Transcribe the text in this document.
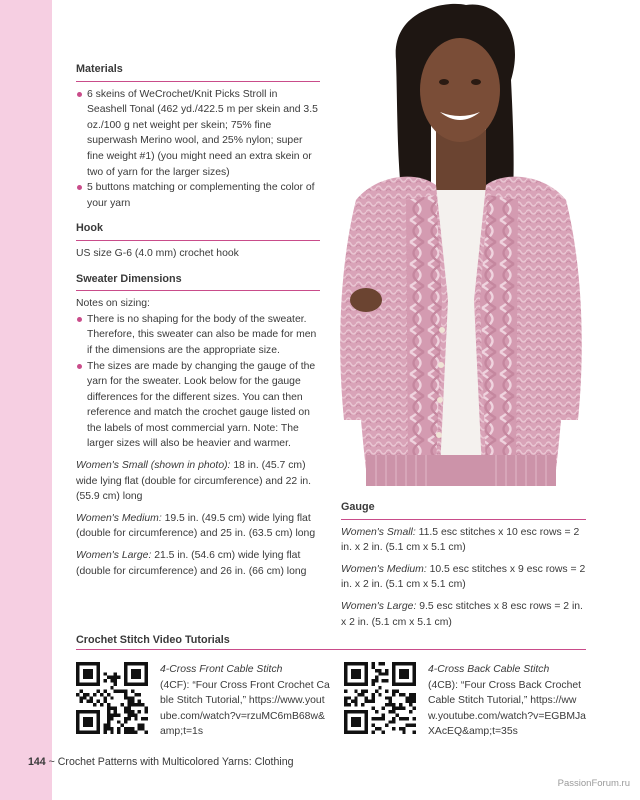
Materials
6 skeins of WeCrochet/Knit Picks Stroll in Seashell Tonal (462 yd./422.5 m per skein and 3.5 oz./100 g net weight per skein; 75% fine superwash Merino wool, and 25% nylon; super fine weight #1) (you might need an extra skein or two of yarn for the larger sizes)
5 buttons matching or complementing the color of your yarn
Hook
US size G-6 (4.0 mm) crochet hook
Sweater Dimensions
Notes on sizing:
There is no shaping for the body of the sweater. Therefore, this sweater can also be made for men if the dimensions are the appropriate size.
The sizes are made by changing the gauge of the yarn for the sweater. Look below for the gauge differences for the different sizes. You can then reference and match the crochet gauge listed on the labels of most commercial yarn. Note: The larger sizes will also be heavier and warmer.
Women's Small (shown in photo): 18 in. (45.7 cm) wide lying flat (double for circumference) and 22 in. (55.9 cm) long
Women's Medium: 19.5 in. (49.5 cm) wide lying flat (double for circumference) and 25 in. (63.5 cm) long
Women's Large: 21.5 in. (54.6 cm) wide lying flat (double for circumference) and 26 in. (66 cm) long
Gauge
Women's Small: 11.5 esc stitches x 10 esc rows = 2 in. x 2 in. (5.1 cm x 5.1 cm)
Women's Medium: 10.5 esc stitches x 9 esc rows = 2 in. x 2 in. (5.1 cm x 5.1 cm)
Women's Large: 9.5 esc stitches x 8 esc rows = 2 in. x 2 in. (5.1 cm x 5.1 cm)
Crochet Stitch Video Tutorials
4-Cross Front Cable Stitch
(4CF): “Four Cross Front Crochet Cable Stitch Tutorial,” https://www.youtube.com/watch?v=rzuMC6mB68w&amp;t=1s
4-Cross Back Cable Stitch
(4CB): “Four Cross Back Crochet Cable Stitch Tutorial,” https://www.youtube.com/watch?v=EGBMJaXAcEQ&amp;t=35s
144 ~ Crochet Patterns with Multicolored Yarns: Clothing
PassionForum.ru
